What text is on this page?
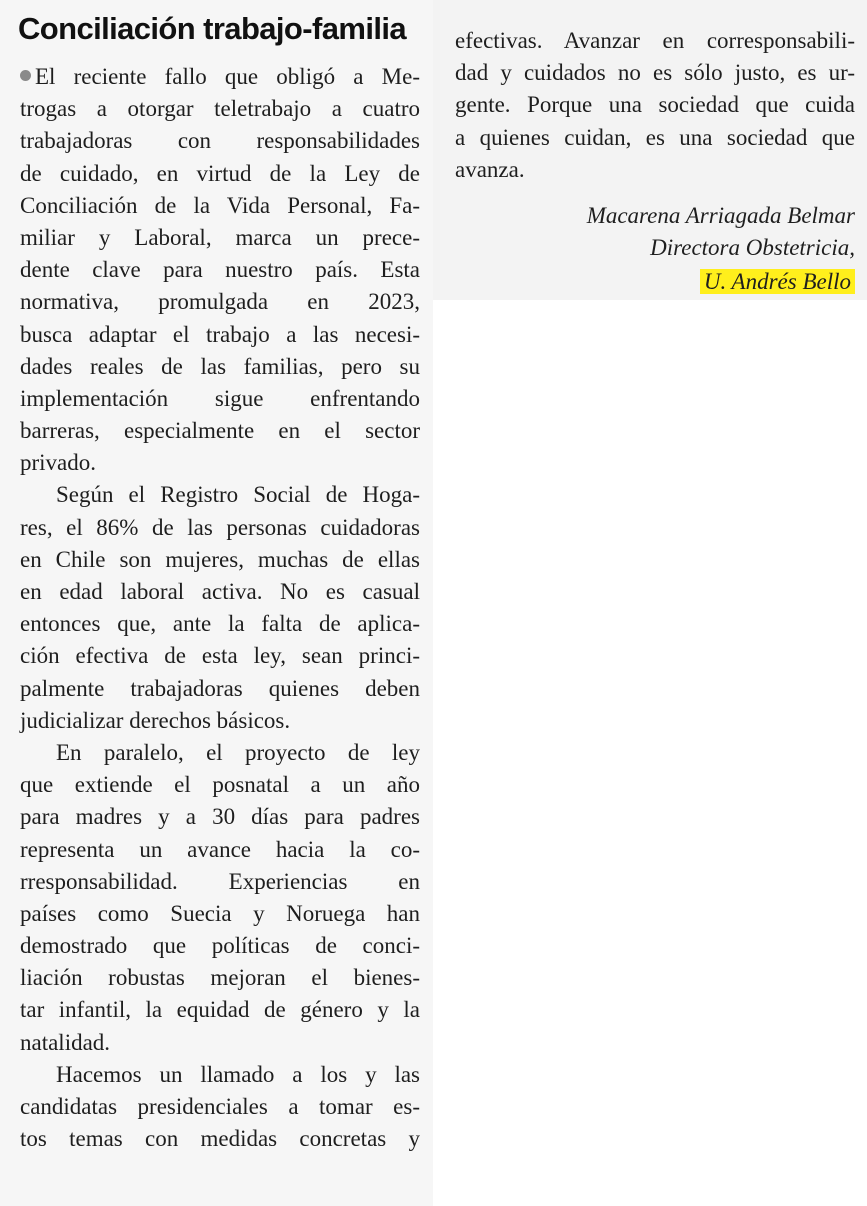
Conciliación trabajo-familia
El reciente fallo que obligó a Me-
trogas a otorgar teletrabajo a cuatro
trabajadoras con responsabilidades
de cuidado, en virtud de la Ley de
Conciliación de la Vida Personal, Fa-
miliar y Laboral, marca un prece-
dente clave para nuestro país. Esta
normativa, promulgada en 2023,
busca adaptar el trabajo a las necesi-
dades reales de las familias, pero su
implementación sigue enfrentando
barreras, especialmente en el sector
privado.
Según el Registro Social de Hoga-
res, el 86% de las personas cuidadoras
en Chile son mujeres, muchas de ellas
en edad laboral activa. No es casual
entonces que, ante la falta de aplica-
ción efectiva de esta ley, sean princi-
palmente trabajadoras quienes deben
judicializar derechos básicos.
En paralelo, el proyecto de ley
que extiende el posnatal a un año
para madres y a 30 días para padres
representa un avance hacia la co-
rresponsabilidad. Experiencias en
países como Suecia y Noruega han
demostrado que políticas de conci-
liación robustas mejoran el bienes-
tar infantil, la equidad de género y la
natalidad.
Hacemos un llamado a los y las
candidatas presidenciales a tomar es-
tos temas con medidas concretas y
efectivas. Avanzar en corresponsabili-
dad y cuidados no es sólo justo, es ur-
gente. Porque una sociedad que cuida
a quienes cuidan, es una sociedad que
avanza.
Macarena Arriagada Belmar
Directora Obstetricia,
U. Andrés Bello
